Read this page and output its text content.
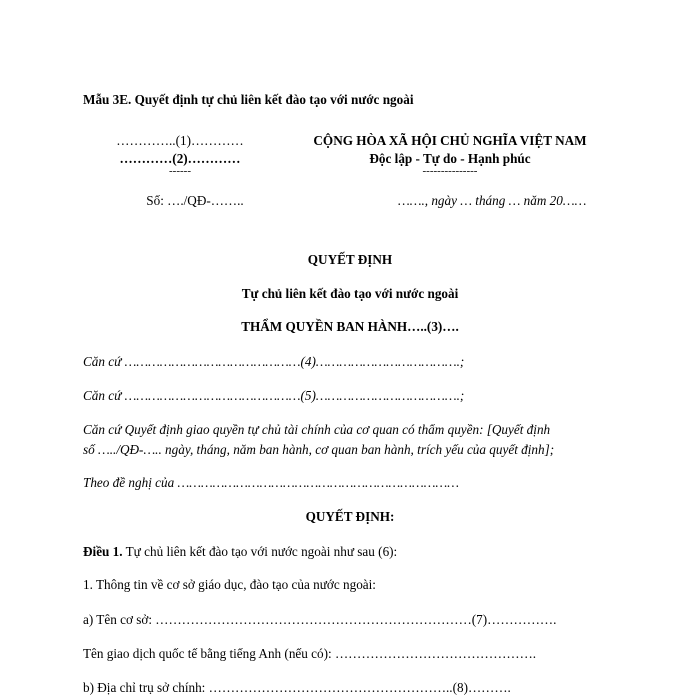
Mẫu 3E. Quyết định tự chủ liên kết đào tạo với nước ngoài
…………..(1)…………
…………(2)…………
------
Số: …./QĐ-……..
CỘNG HÒA XÃ HỘI CHỦ NGHĨA VIỆT NAM
Độc lập - Tự do - Hạnh phúc
---------------
……., ngày … tháng … năm 20……
QUYẾT ĐỊNH
Tự chủ liên kết đào tạo với nước ngoài
THẨM QUYỀN BAN HÀNH…..(3)….
Căn cứ ………………………………………(4)……………………………….;
Căn cứ ………………………………………(5)……………………………….;
Căn cứ Quyết định giao quyền tự chủ tài chính của cơ quan có thẩm quyền: [Quyết định
số …../QĐ-….. ngày, tháng, năm ban hành, cơ quan ban hành, trích yếu của quyết định];
Theo đề nghị của ………………………………………………………………
QUYẾT ĐỊNH:
Điều 1. Tự chủ liên kết đào tạo với nước ngoài như sau (6):
1. Thông tin về cơ sở giáo dục, đào tạo của nước ngoài:
a) Tên cơ sở: ………………………………………………………………(7)…………….
Tên giao dịch quốc tế bằng tiếng Anh (nếu có): ……………………………………….
b) Địa chỉ trụ sở chính: ………………………………………………..(8)……….
